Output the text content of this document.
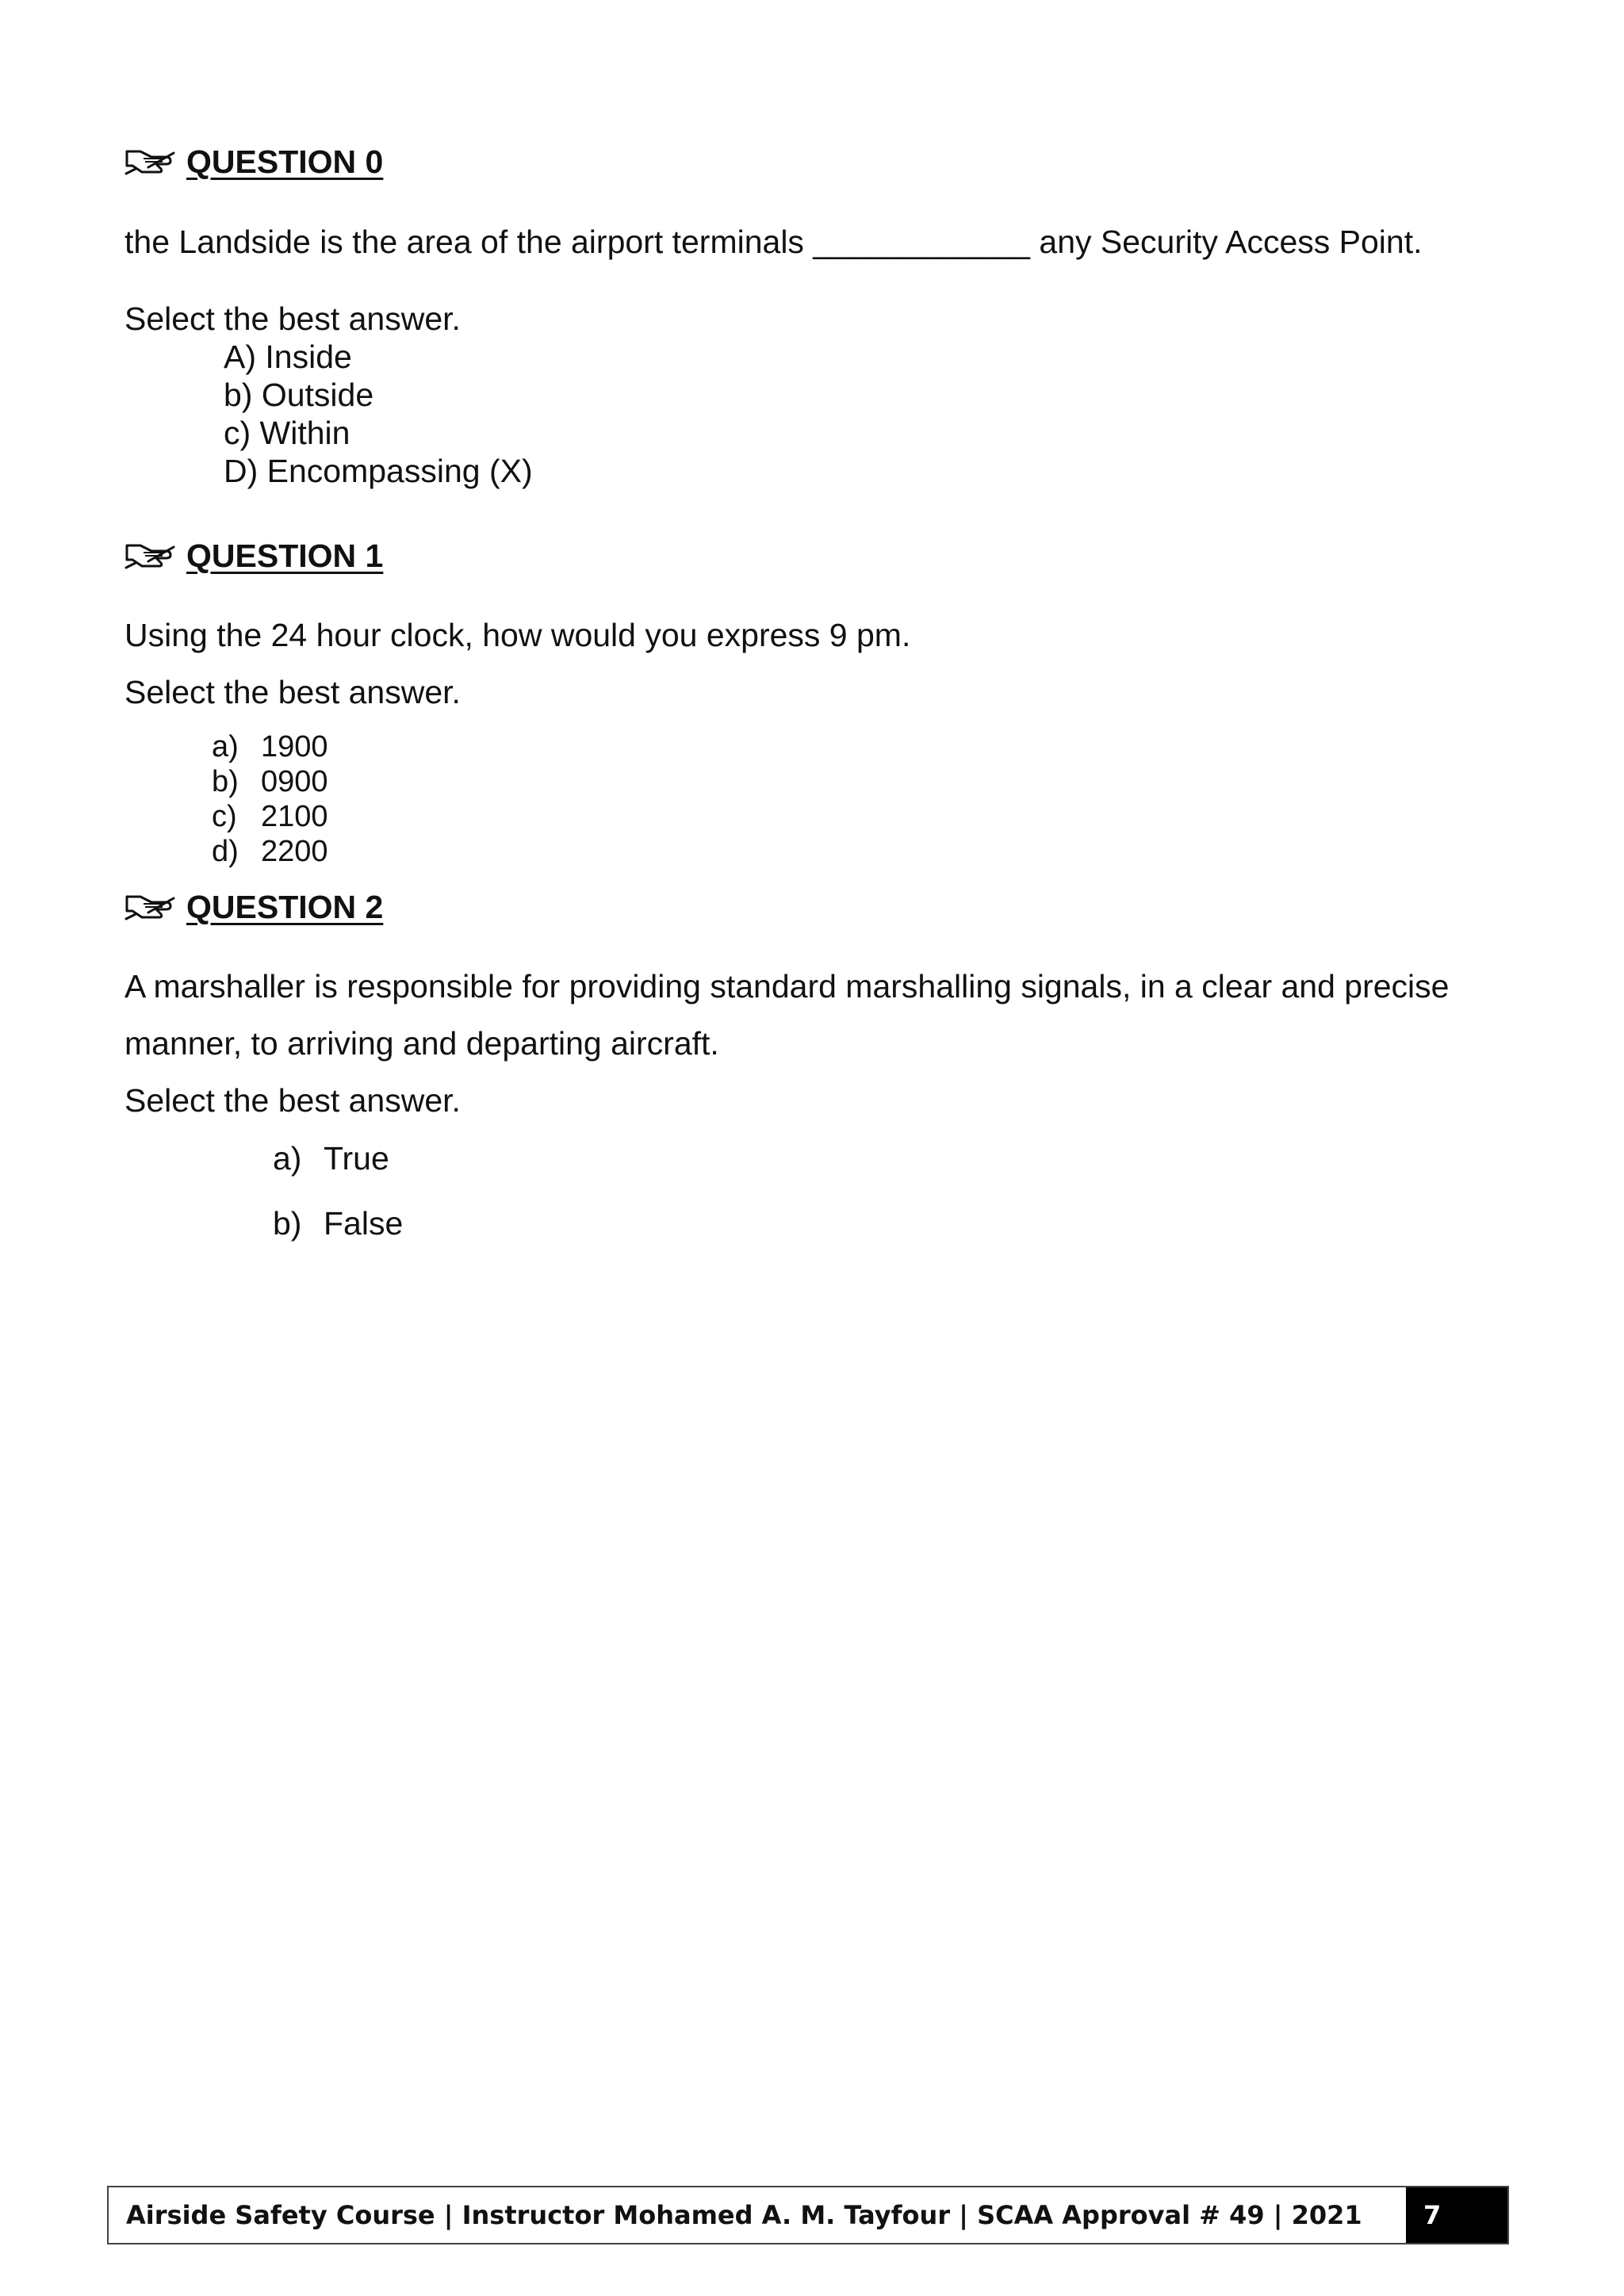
QUESTION 0
the Landside is the area of the airport terminals ____________ any Security Access Point.
Select the best answer.
A) Inside
b) Outside
c) Within
D) Encompassing (X)
QUESTION 1
Using the 24 hour clock, how would you express 9 pm.
Select the best answer.
a) 1900
b) 0900
c) 2100
d) 2200
QUESTION 2
A marshaller is responsible for providing standard marshalling signals, in a clear and precise
manner, to arriving and departing aircraft.
Select the best answer.
a) True
b) False
Airside Safety Course | Instructor Mohamed A. M. Tayfour | SCAA Approval # 49 | 2021	7
